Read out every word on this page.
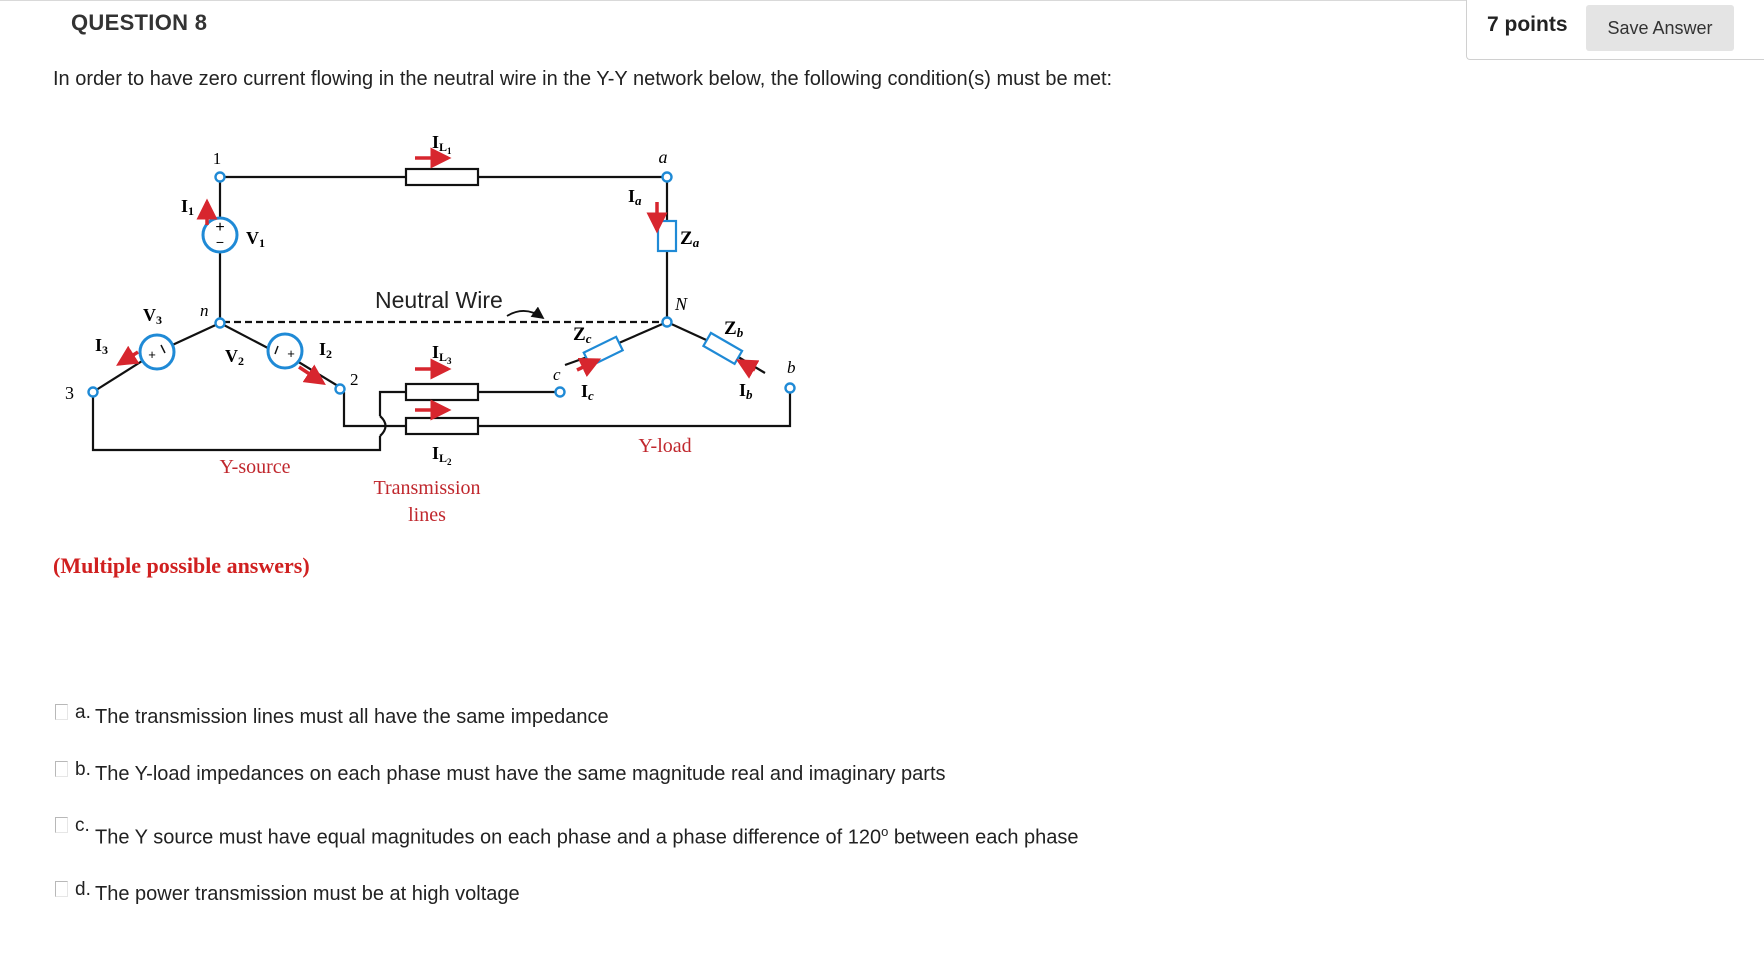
QUESTION 8	7 points	Save Answer
In order to have zero current flowing in the neutral wire in the Y-Y network below, the following condition(s) must be met:
+
−
+	+
Neutral Wire
1	a
n	N
3
2	c	b
I1
V1
V3
I3	V2
I2
IL1
IL3
IL2
Ia
Za
Zc	Zb
Ic	Ib
Y-source
Y-load
Transmission
lines
(Multiple possible answers)
a. The transmission lines must all have the same impedance
b. The Y-load impedances on each phase must have the same magnitude real and imaginary parts
c.
The Y source must have equal magnitudes on each phase and a phase difference of 120$^o$ between each phase
d. The power transmission must be at high voltage
